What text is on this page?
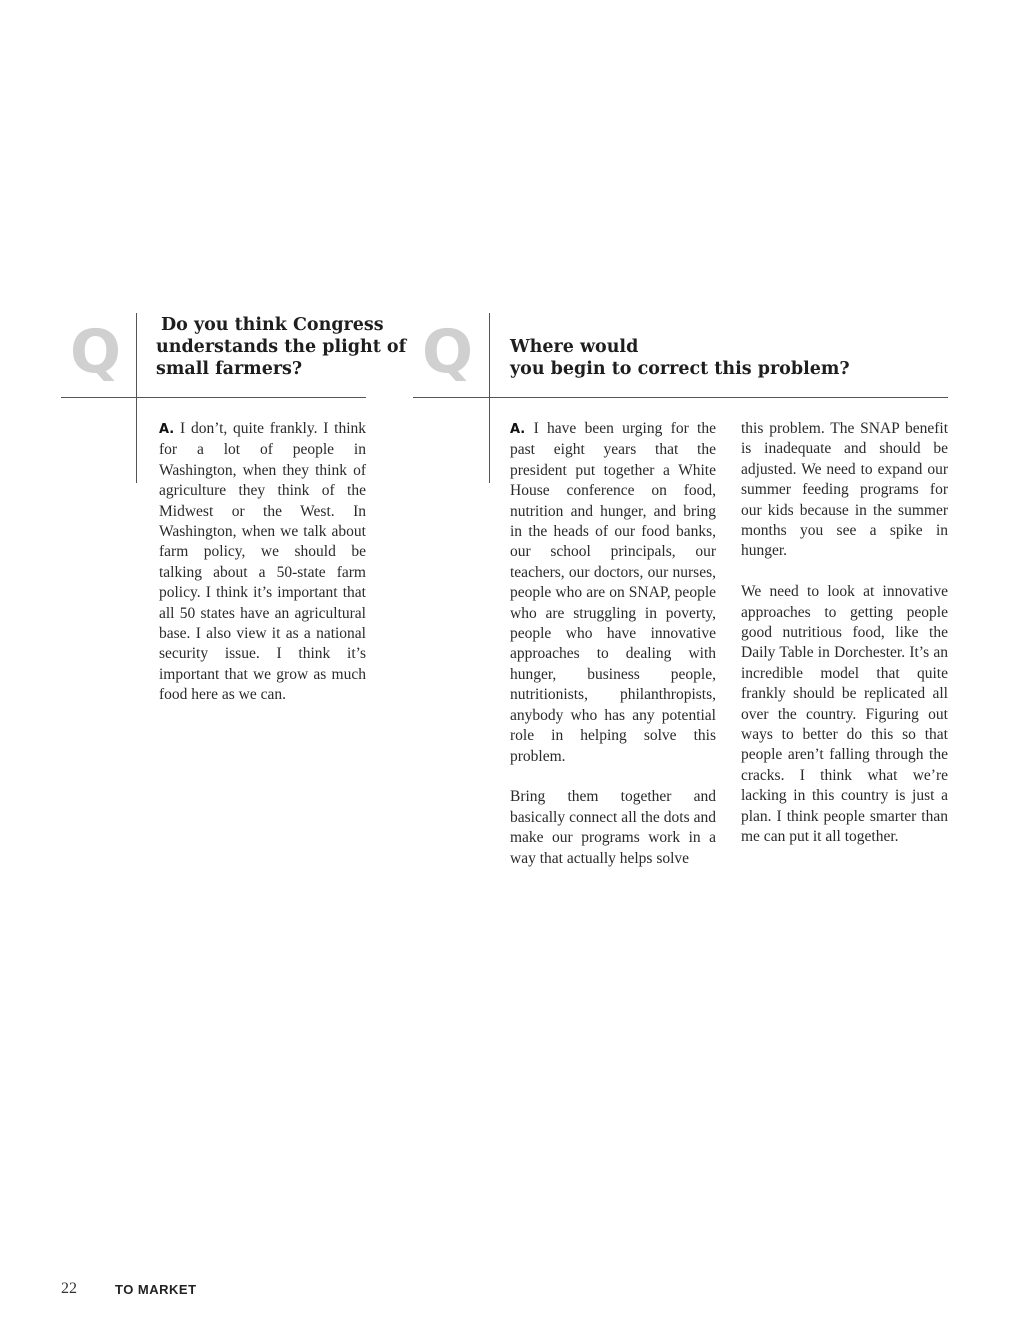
Q Do you think Congress
understands the plight of
small farmers?

A. I don’t, quite frankly. I think for a lot of people in Washington, when they think of agriculture they think of the Midwest or the West. In Washington, when we talk about farm policy, we should be talking about a 50-state farm policy. I think it’s important that all 50 states have an agricultural base. I also view it as a national security issue. I think it’s important that we grow as much food here as we can.

Q Where would
you begin to correct this problem?

A. I have been urging for the past eight years that the president put together a White House conference on food, nutrition and hunger, and bring in the heads of our food banks, our school principals, our teachers, our doctors, our nurses, people who are on SNAP, people who are struggling in poverty, people who have innovative approaches to dealing with hunger, business people, nutritionists, philanthropists, anybody who has any potential role in helping solve this problem.

Bring them together and basically connect all the dots and make our programs work in a way that actually helps solve

this problem. The SNAP benefit is inadequate and should be adjusted. We need to expand our summer feeding programs for our kids because in the summer months you see a spike in hunger.

We need to look at innovative approaches to getting people good nutritious food, like the Daily Table in Dorchester. It’s an incredible model that quite frankly should be replicated all over the country. Figuring out ways to better do this so that people aren’t falling through the cracks. I think what we’re lacking in this country is just a plan. I think people smarter than me can put it all together.

22	TO MARKET
